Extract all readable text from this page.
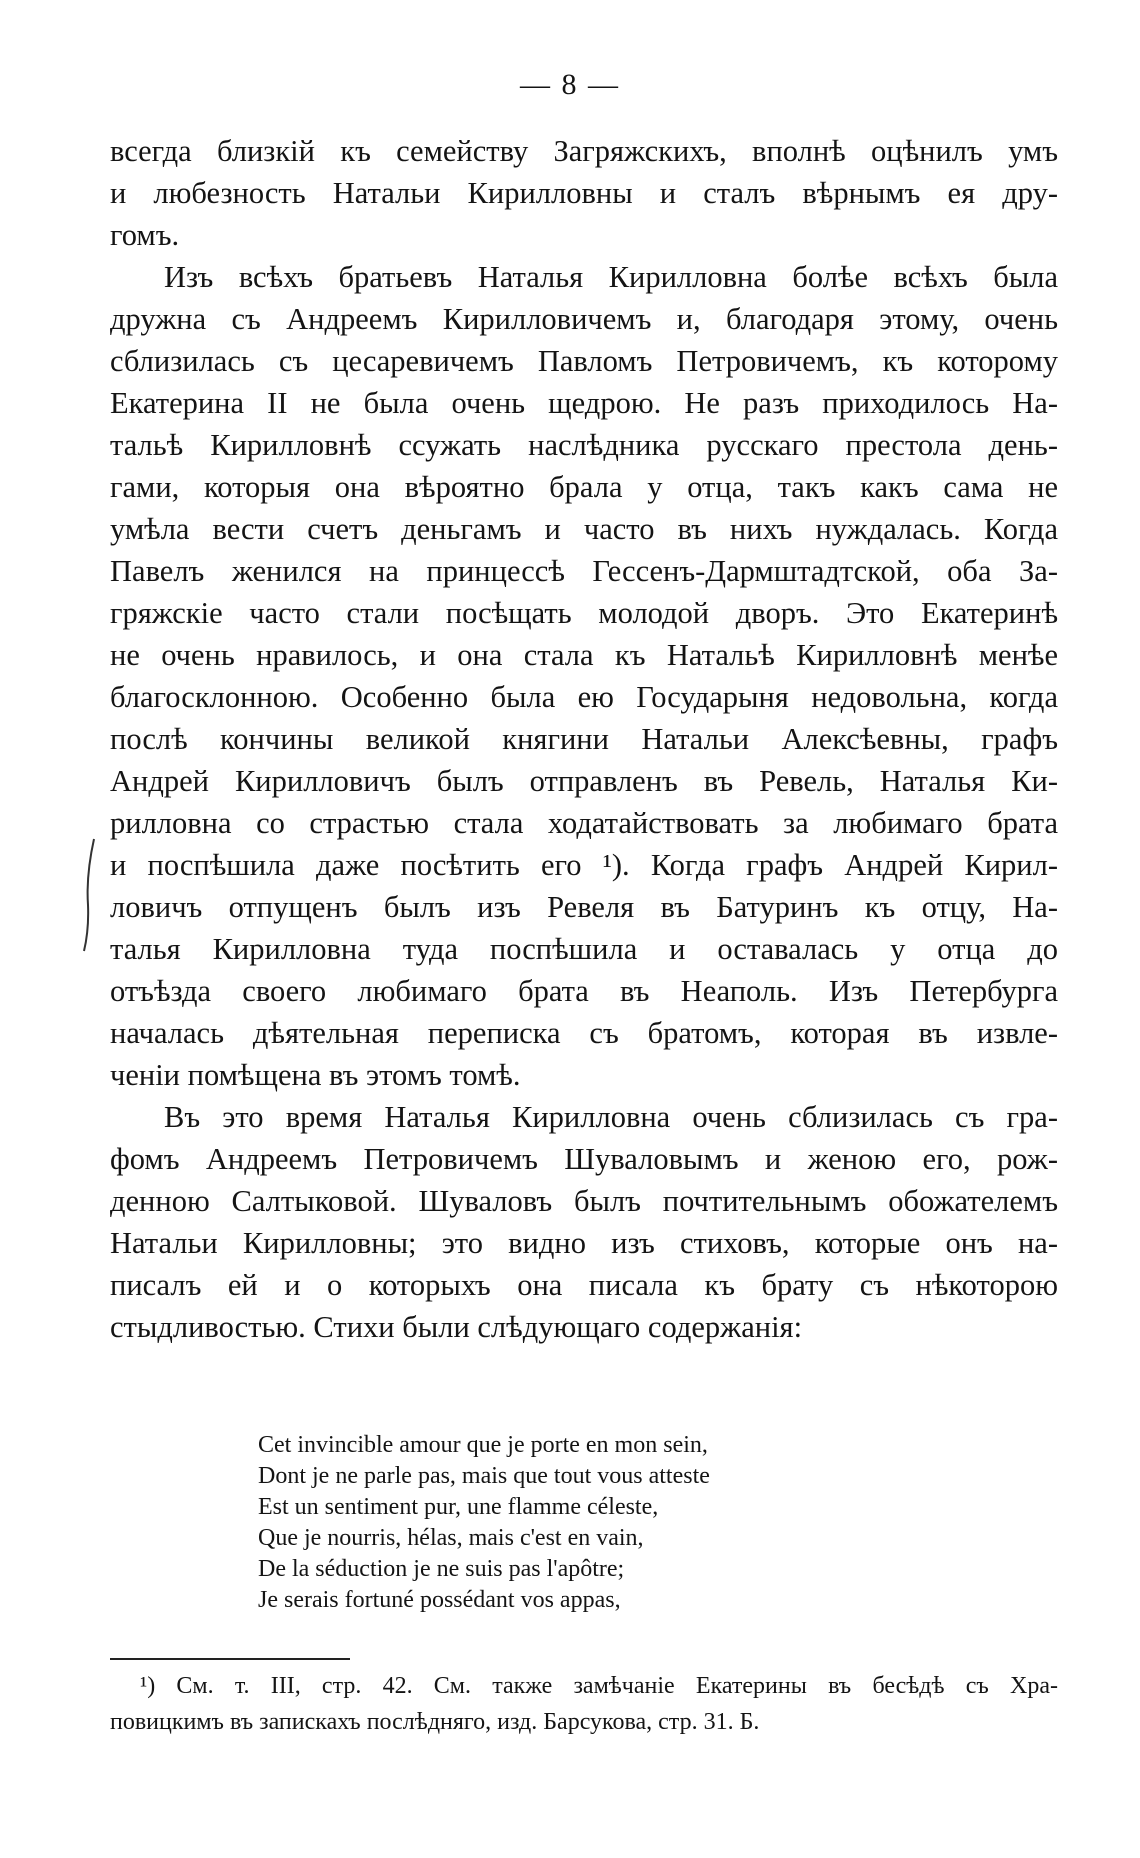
— 8 —
всегда близкій къ семейству Загряжскихъ, вполнѣ оцѣнилъ умъ
и любезность Натальи Кирилловны и сталъ вѣрнымъ ея дру-
гомъ.
Изъ всѣхъ братьевъ Наталья Кирилловна болѣе всѣхъ была
дружна съ Андреемъ Кирилловичемъ и, благодаря этому, очень
сблизилась съ цесаревичемъ Павломъ Петровичемъ, къ которому
Екатерина II не была очень щедрою. Не разъ приходилось На-
тальѣ Кирилловнѣ ссужать наслѣдника русскаго престола день-
гами, которыя она вѣроятно брала у отца, такъ какъ сама не
умѣла вести счетъ деньгамъ и часто въ нихъ нуждалась. Когда
Павелъ женился на принцессѣ Гессенъ-Дармштадтской, оба За-
гряжскіе часто стали посѣщать молодой дворъ. Это Екатеринѣ
не очень нравилось, и она стала къ Натальѣ Кирилловнѣ менѣе
благосклонною. Особенно была ею Государыня недовольна, когда
послѣ кончины великой княгини Натальи Алексѣевны, графъ
Андрей Кирилловичъ былъ отправленъ въ Ревель, Наталья Ки-
рилловна со страстью стала ходатайствовать за любимаго брата
и поспѣшила даже посѣтить его ¹). Когда графъ Андрей Кирил-
ловичъ отпущенъ былъ изъ Ревеля въ Батуринъ къ отцу, На-
талья Кирилловна туда поспѣшила и оставалась у отца до
отъѣзда своего любимаго брата въ Неаполь. Изъ Петербурга
началась дѣятельная переписка съ братомъ, которая въ извле-
ченіи помѣщена въ этомъ томѣ.
Въ это время Наталья Кирилловна очень сблизилась съ гра-
фомъ Андреемъ Петровичемъ Шуваловымъ и женою его, рож-
денною Салтыковой. Шуваловъ былъ почтительнымъ обожателемъ
Натальи Кирилловны; это видно изъ стиховъ, которые онъ на-
писалъ ей и о которыхъ она писала къ брату съ нѣкоторою
стыдливостью. Стихи были слѣдующаго содержанія:
Cet invincible amour que je porte en mon sein,
Dont je ne parle pas, mais que tout vous atteste
Est un sentiment pur, une flamme céleste,
Que je nourris, hélas, mais c'est en vain,
De la séduction je ne suis pas l'apôtre;
Je serais fortuné possédant vos appas,
¹) См. т. III, стр. 42. См. также замѣчаніе Екатерины въ бесѣдѣ съ Хра-
повицкимъ въ запискахъ послѣдняго, изд. Барсукова, стр. 31. Б.
